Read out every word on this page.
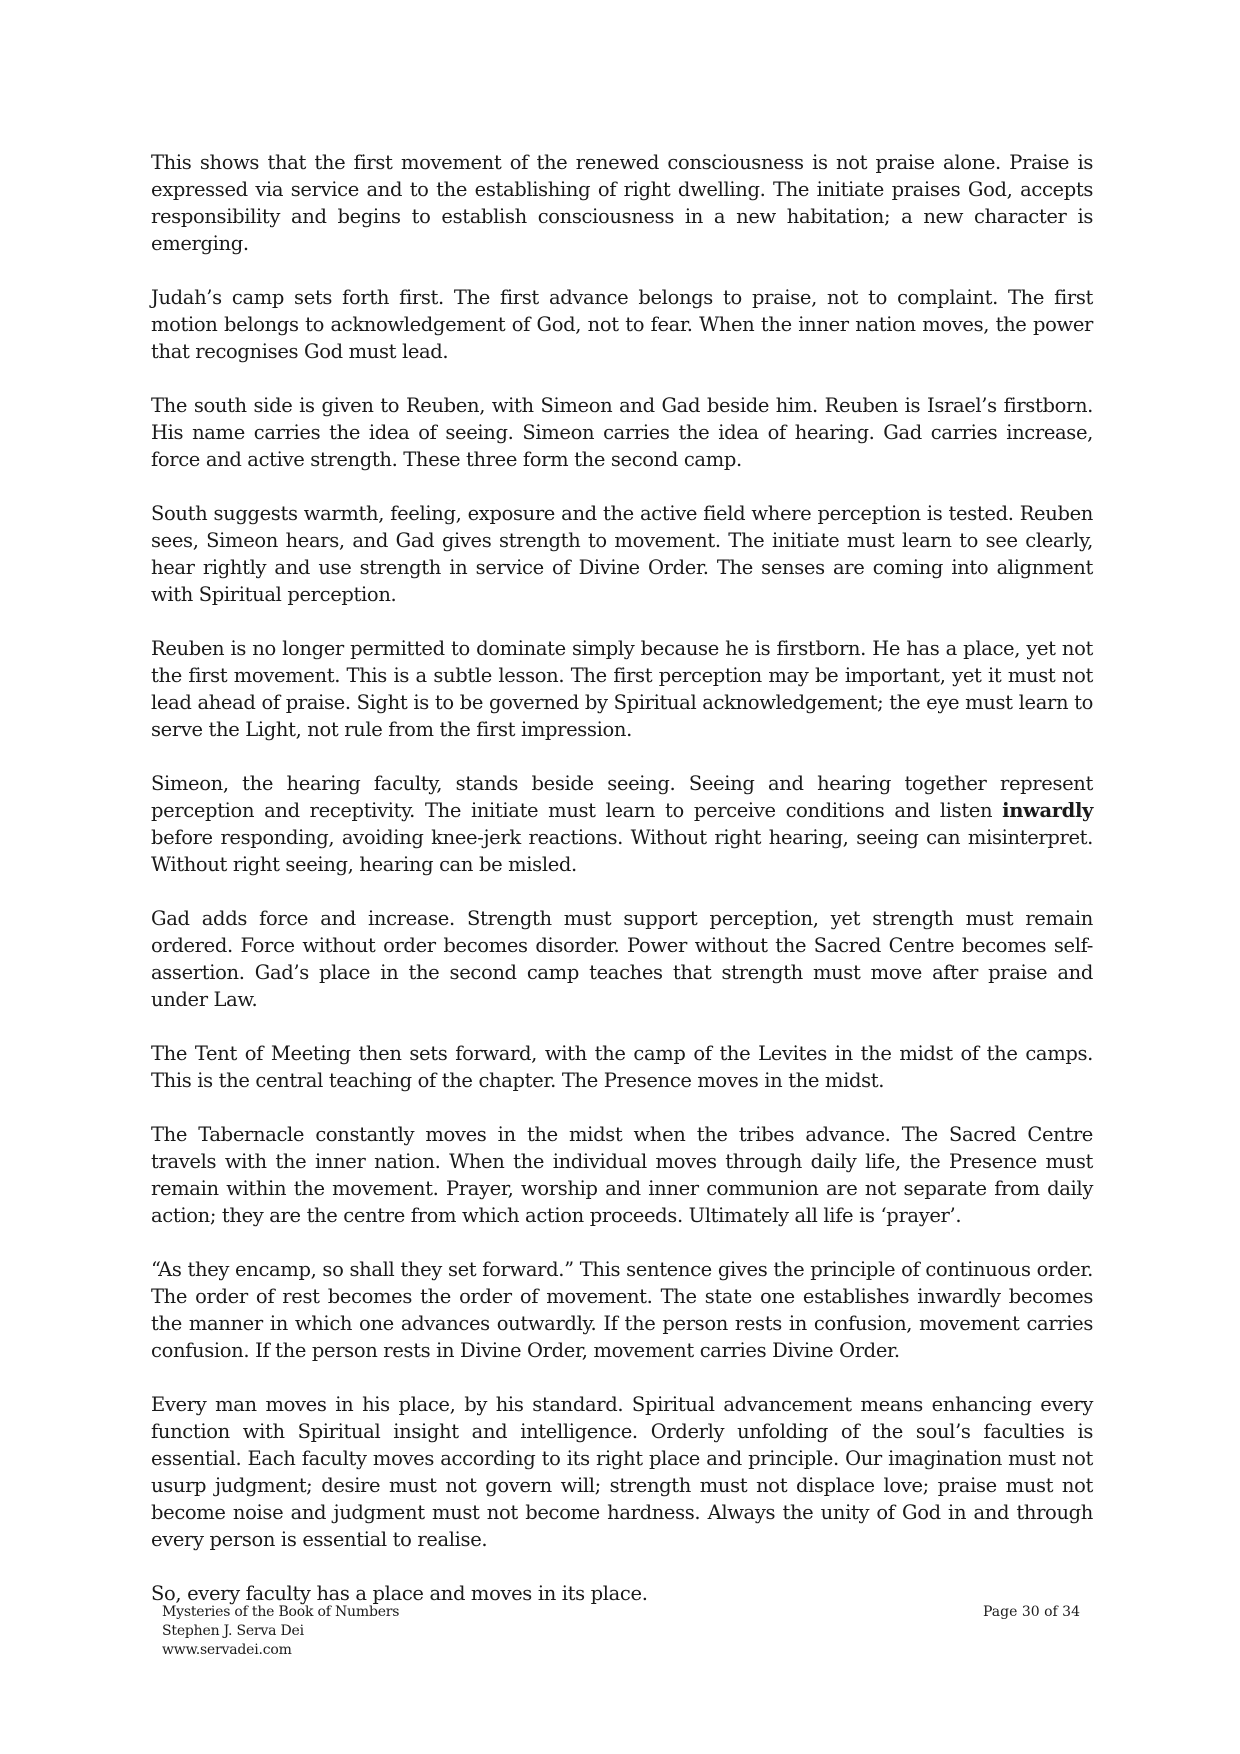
This shows that the first movement of the renewed consciousness is not praise alone. Praise is expressed via service and to the establishing of right dwelling. The initiate praises God, accepts responsibility and begins to establish consciousness in a new habitation; a new character is emerging.

Judah’s camp sets forth first. The first advance belongs to praise, not to complaint. The first motion belongs to acknowledgement of God, not to fear. When the inner nation moves, the power that recognises God must lead.

The south side is given to Reuben, with Simeon and Gad beside him. Reuben is Israel’s firstborn. His name carries the idea of seeing. Simeon carries the idea of hearing. Gad carries increase, force and active strength. These three form the second camp.

South suggests warmth, feeling, exposure and the active field where perception is tested. Reuben sees, Simeon hears, and Gad gives strength to movement. The initiate must learn to see clearly, hear rightly and use strength in service of Divine Order. The senses are coming into alignment with Spiritual perception.

Reuben is no longer permitted to dominate simply because he is firstborn. He has a place, yet not the first movement. This is a subtle lesson. The first perception may be important, yet it must not lead ahead of praise. Sight is to be governed by Spiritual acknowledgement; the eye must learn to serve the Light, not rule from the first impression.

Simeon, the hearing faculty, stands beside seeing. Seeing and hearing together represent perception and receptivity. The initiate must learn to perceive conditions and listen inwardly before responding, avoiding knee-jerk reactions. Without right hearing, seeing can misinterpret. Without right seeing, hearing can be misled.

Gad adds force and increase. Strength must support perception, yet strength must remain ordered. Force without order becomes disorder. Power without the Sacred Centre becomes self-assertion. Gad’s place in the second camp teaches that strength must move after praise and under Law.

The Tent of Meeting then sets forward, with the camp of the Levites in the midst of the camps. This is the central teaching of the chapter. The Presence moves in the midst.

The Tabernacle constantly moves in the midst when the tribes advance. The Sacred Centre travels with the inner nation. When the individual moves through daily life, the Presence must remain within the movement. Prayer, worship and inner communion are not separate from daily action; they are the centre from which action proceeds. Ultimately all life is ‘prayer’.

“As they encamp, so shall they set forward.” This sentence gives the principle of continuous order. The order of rest becomes the order of movement. The state one establishes inwardly becomes the manner in which one advances outwardly. If the person rests in confusion, movement carries confusion. If the person rests in Divine Order, movement carries Divine Order.

Every man moves in his place, by his standard. Spiritual advancement means enhancing every function with Spiritual insight and intelligence. Orderly unfolding of the soul’s faculties is essential. Each faculty moves according to its right place and principle. Our imagination must not usurp judgment; desire must not govern will; strength must not displace love; praise must not become noise and judgment must not become hardness. Always the unity of God in and through every person is essential to realise.

So, every faculty has a place and moves in its place.

Mysteries of the Book of Numbers
Stephen J. Serva Dei
www.servadei.com
Page 30 of 34
